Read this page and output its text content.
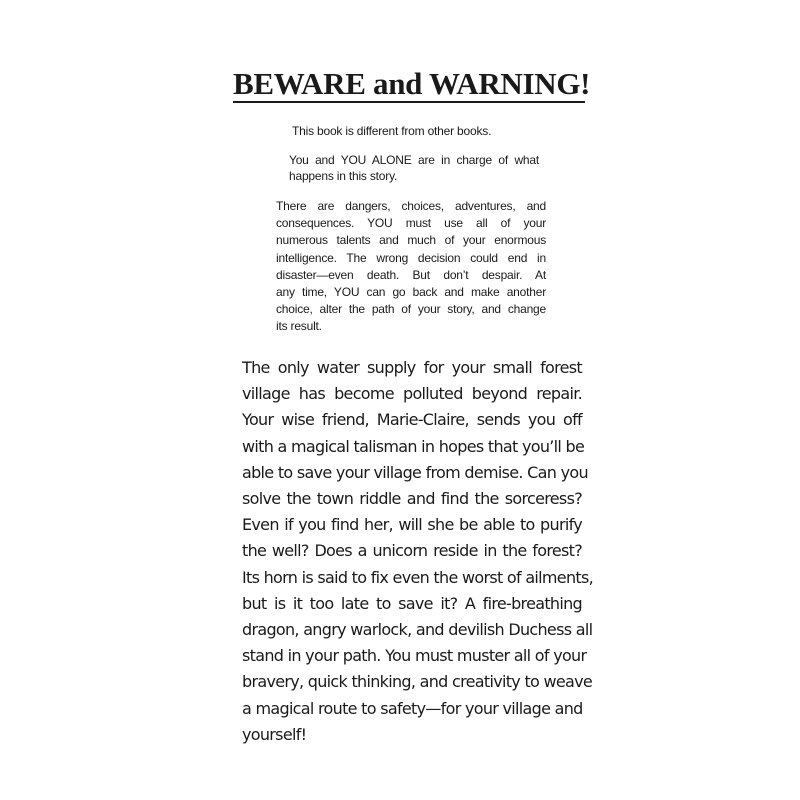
BEWARE and WARNING!
This book is different from other books.
You and YOU ALONE are in charge of what
happens in this story.
There are dangers, choices, adventures, and
consequences. YOU must use all of your
numerous talents and much of your enormous
intelligence. The wrong decision could end in
disaster—even death. But don’t despair. At
any time, YOU can go back and make another
choice, alter the path of your story, and change
its result.
The only water supply for your small forest
village has become polluted beyond repair.
Your wise friend, Marie-Claire, sends you off
with a magical talisman in hopes that you’ll be
able to save your village from demise. Can you
solve the town riddle and find the sorceress?
Even if you find her, will she be able to purify
the well? Does a unicorn reside in the forest?
Its horn is said to fix even the worst of ailments,
but is it too late to save it? A fire-breathing
dragon, angry warlock, and devilish Duchess all
stand in your path. You must muster all of your
bravery, quick thinking, and creativity to weave
a magical route to safety—for your village and
yourself!
